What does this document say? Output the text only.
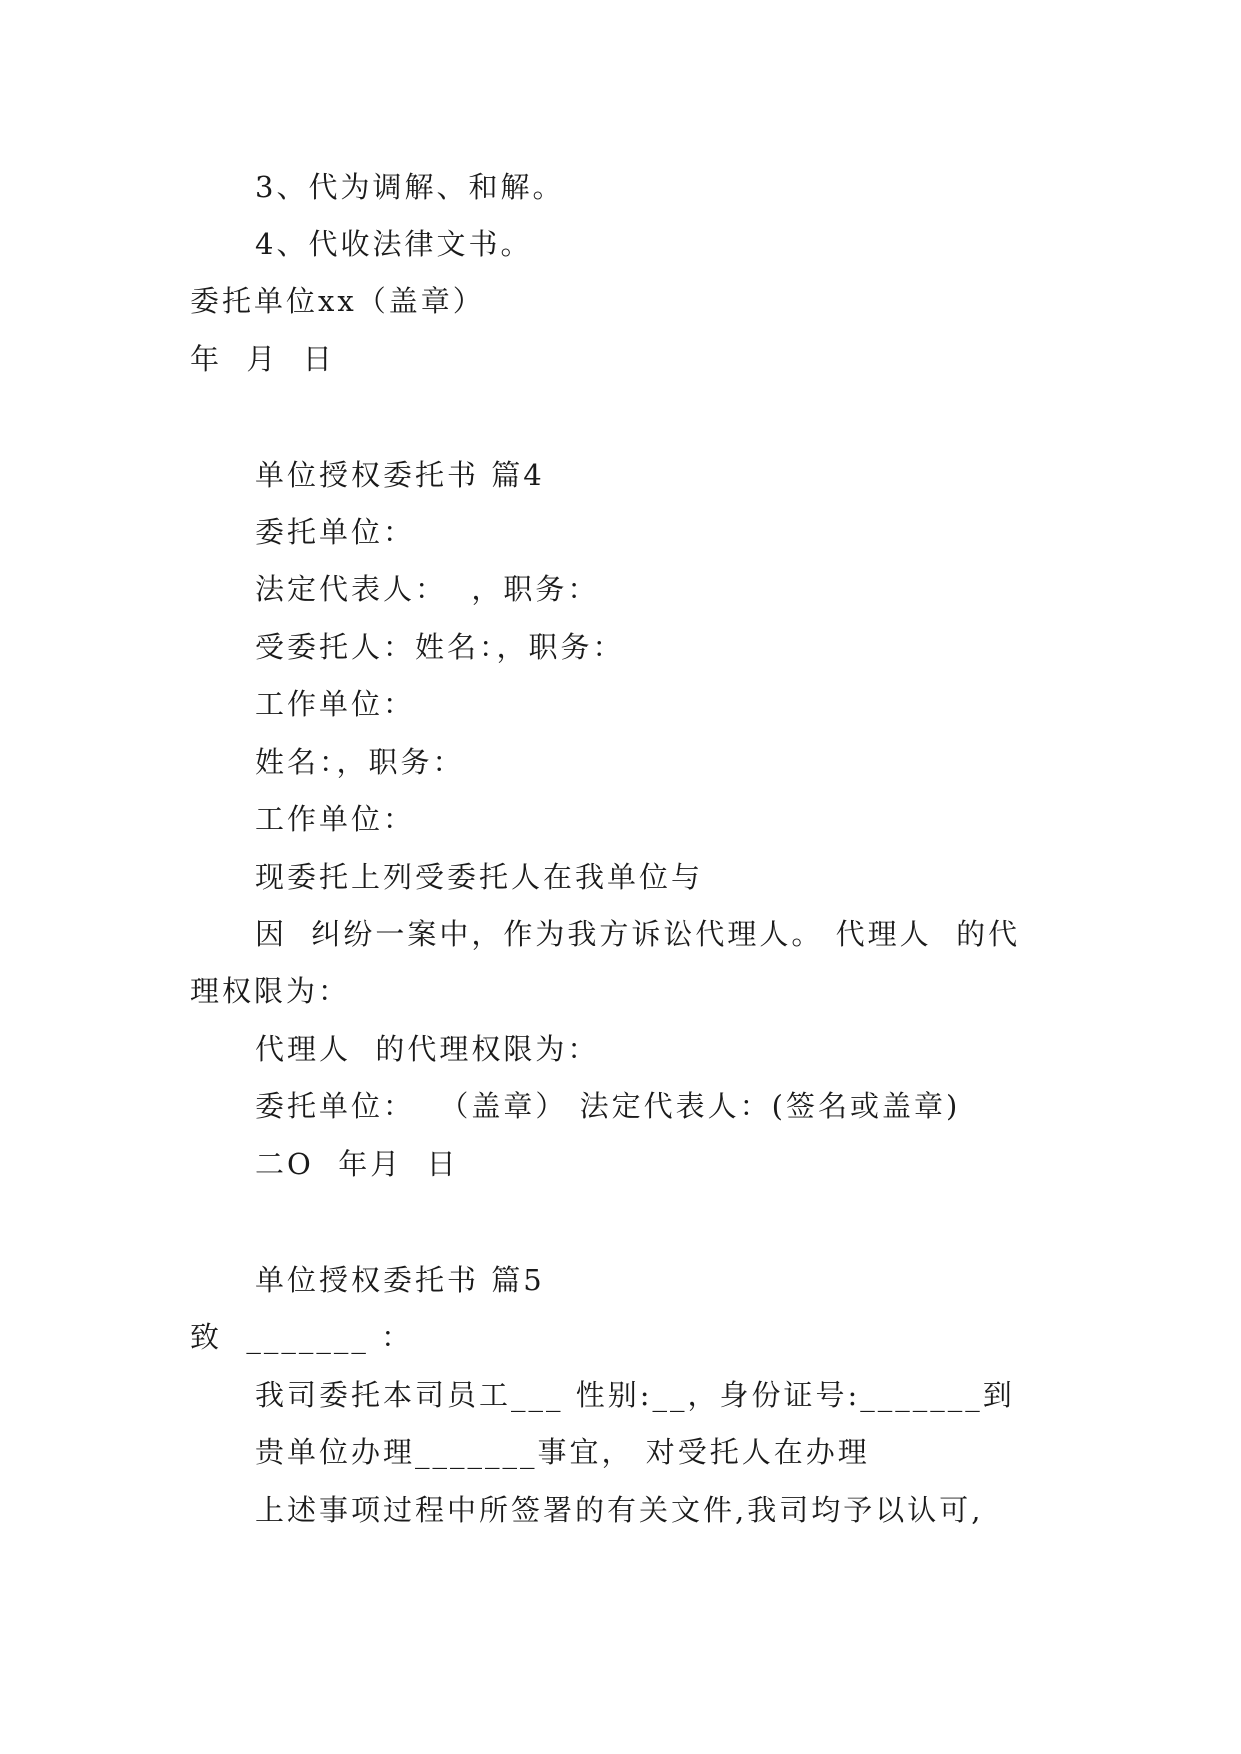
3、代为调解、和解。
4、代收法律文书。
委托单位xx（盖章）
年  月  日
单位授权委托书 篇4
委托单位：
法定代表人：  ，职务：
受委托人：姓名：，职务：
工作单位：
姓名：，职务：
工作单位：
现委托上列受委托人在我单位与
因  纠纷一案中，作为我方诉讼代理人。 代理人  的代
理权限为：
代理人  的代理权限为：
委托单位：  （盖章） 法定代表人：(签名或盖章)
二O  年月  日
单位授权委托书 篇5
致  _______ ：
我司委托本司员工___ 性别:__，身份证号:_______到
贵单位办理_______事宜， 对受托人在办理
上述事项过程中所签署的有关文件,我司均予以认可,
